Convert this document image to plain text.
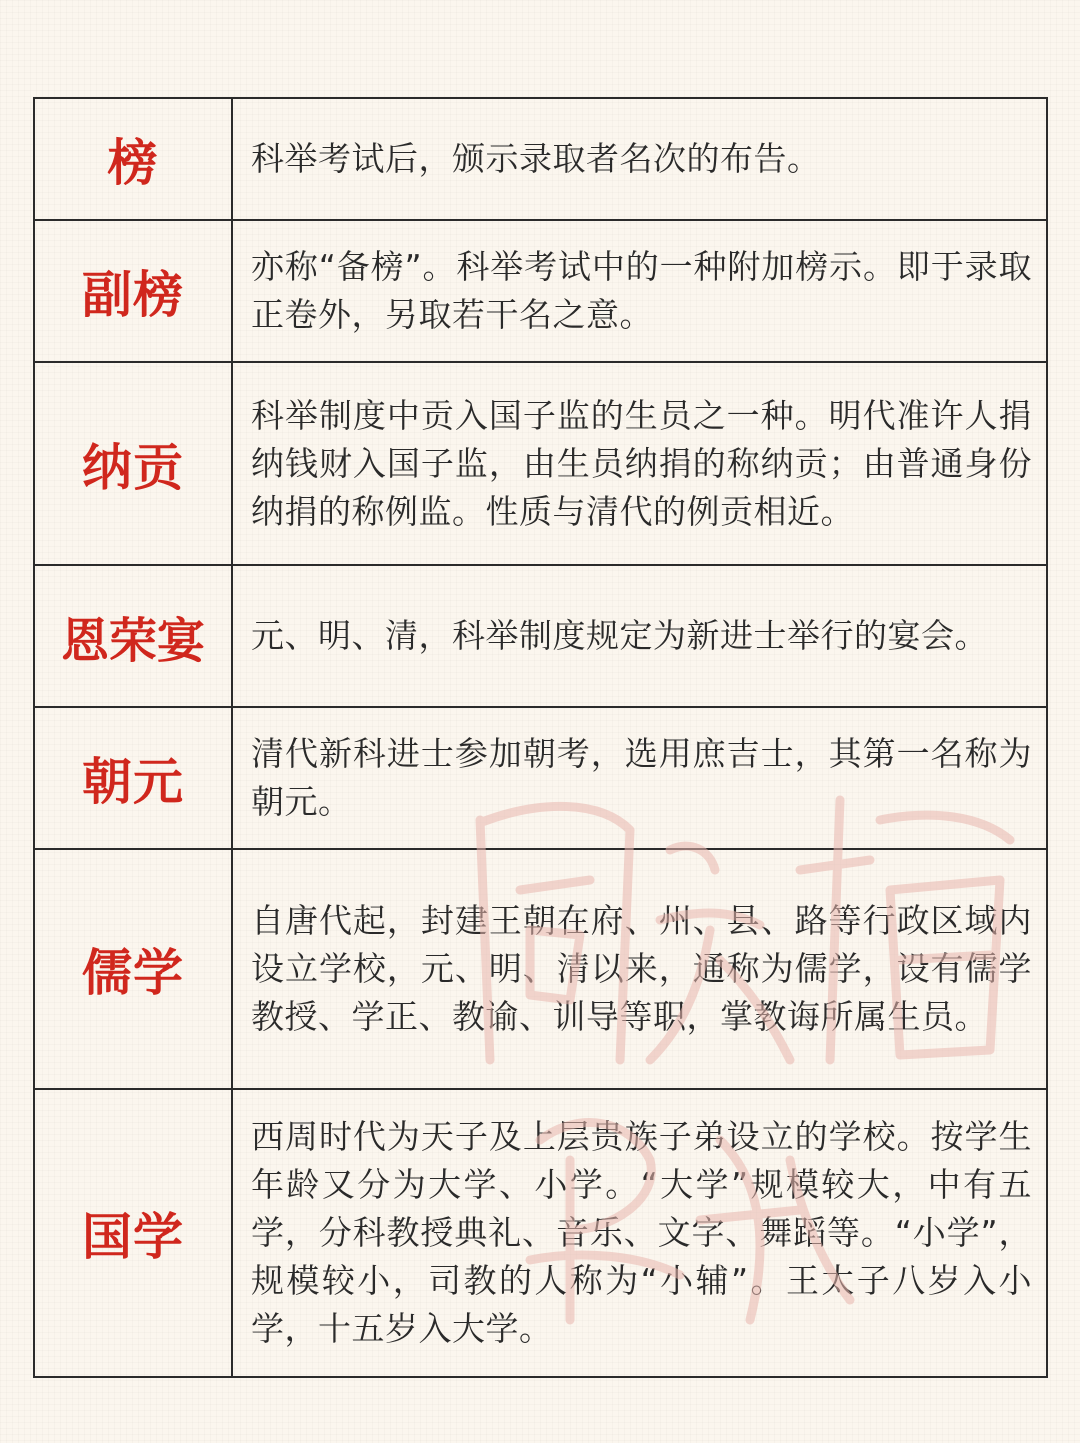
榜	科举考试后，颁示录取者名次的布告。
副榜	亦称“备榜”。科举考试中的一种附加榜示。即于录取正卷外，另取若干名之意。
纳贡	科举制度中贡入国子监的生员之一种。明代准许人捐纳钱财入国子监，由生员纳捐的称纳贡；由普通身份纳捐的称例监。性质与清代的例贡相近。
恩荣宴	元、明、清，科举制度规定为新进士举行的宴会。
朝元	清代新科进士参加朝考，选用庶吉士，其第一名称为朝元。
儒学	自唐代起，封建王朝在府、州、县、路等行政区域内设立学校，元、明、清以来，通称为儒学，设有儒学教授、学正、教谕、训导等职，掌教诲所属生员。
国学	西周时代为天子及上层贵族子弟设立的学校。按学生年龄又分为大学、小学。“大学”规模较大，中有五学，分科教授典礼、音乐、文字、舞蹈等。“小学”，规模较小，司教的人称为“小辅”。王太子八岁入小学，十五岁入大学。
